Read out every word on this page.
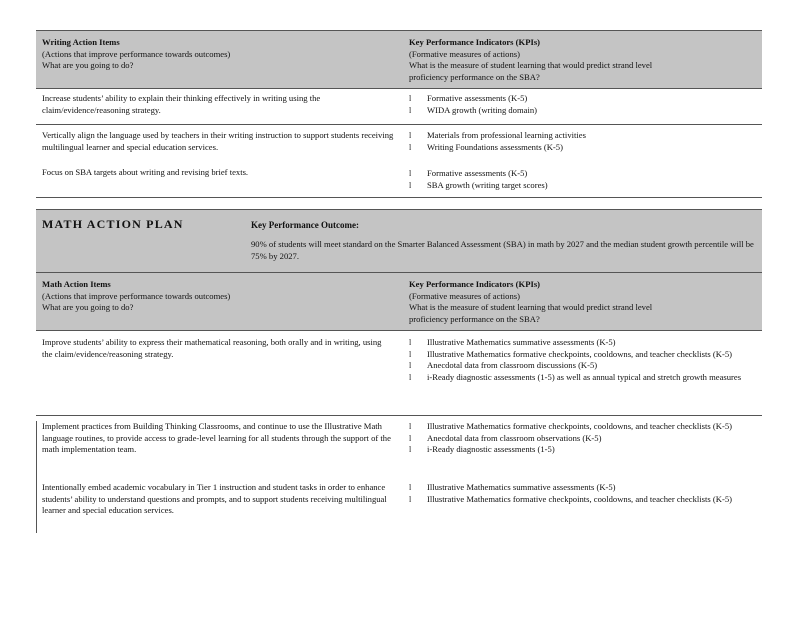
Writing Action Items
(Actions that improve performance towards outcomes)
What are you going to do?
Key Performance Indicators (KPIs)
(Formative measures of actions)
What is the measure of student learning that would predict strand level
proficiency performance on the SBA?
Increase students’ ability to explain their thinking effectively in writing using the claim/evidence/reasoning strategy.
l Formative assessments (K-5)
l WIDA growth (writing domain)
Vertically align the language used by teachers in their writing instruction to support students receiving multilingual learner and special education services.
l Materials from professional learning activities
l Writing Foundations assessments (K-5)
Focus on SBA targets about writing and revising brief texts.
l	Formative assessments (K-5)
l SBA growth (writing target scores)
MATH ACTION PLAN	Key Performance Outcome:
90% of students will meet standard on the Smarter Balanced Assessment (SBA) in math by 2027 and the median student growth percentile will be 75% by 2027.
Math Action Items
(Actions that improve performance towards outcomes)
What are you going to do?
Key Performance Indicators (KPIs)
(Formative measures of actions)
What is the measure of student learning that would predict strand level
proficiency performance on the SBA?
Improve students’ ability to express their mathematical reasoning, both orally and in writing, using the claim/evidence/reasoning strategy.
l Illustrative Mathematics summative assessments (K-5)
l Illustrative Mathematics formative checkpoints, cooldowns, and teacher checklists (K-5)
l Anecdotal data from classroom discussions (K-5)
l i-Ready diagnostic assessments (1-5) as well as annual typical and stretch growth measures
Implement practices from Building Thinking Classrooms, and continue to use the Illustrative Math language routines, to provide access to grade-level learning for all students through the support of the math implementation team.
l Illustrative Mathematics formative checkpoints, cooldowns, and teacher checklists (K-5)
l Anecdotal data from classroom observations (K-5)
l i-Ready diagnostic assessments (1-5)
Intentionally embed academic vocabulary in Tier 1 instruction and student tasks in order to enhance students’ ability to understand questions and prompts, and to support students receiving multilingual learner and special education services.
l Illustrative Mathematics summative assessments (K-5)
l Illustrative Mathematics formative checkpoints, cooldowns, and teacher checklists (K-5)
